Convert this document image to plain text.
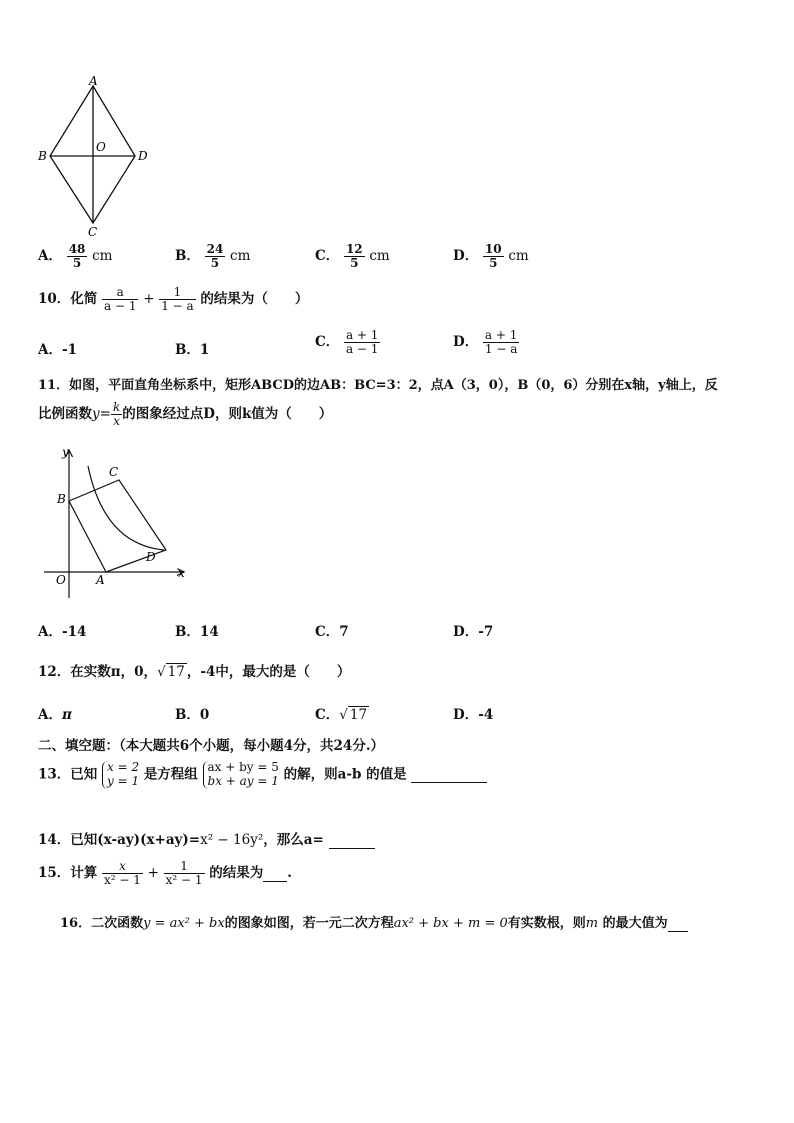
A
B
O
D
C
A． $\frac{48}{5}$ cm	B． $\frac{24}{5}$ cm	C． $\frac{12}{5}$ cm	D． $\frac{10}{5}$ cm
10．化简 $\frac{a}{a - 1} + \frac{1}{1 - a}$ 的结果为（　　）
A．-1	B．1	C． $\frac{a + 1}{a - 1}$	D． $\frac{a + 1}{1 - a}$
11．如图，平面直角坐标系中，矩形ABCD的边AB：BC=3：2，点A（3，0），B（0，6）分别在x轴，y轴上，反
比例函数$y= \frac{k}{x}$ 的图象经过点D，则k值为（　　）
y
x
O	A
B
C
D
A．-14	B．14	C．7	D．-7
12．在实数π，0，√ 17 ，-4中，最大的是（　　）
A．π	B．0	C．√ 17	D．-4
二、填空题：（本大题共6个小题，每小题4分，共24分.）
13．已知 x = 2
y = 1 是方程组 ax + by = 5
bx + ay = 1 的解，则a-b 的值是
14．已知(x-ay)(x+ay)=x² − 16y²，那么a=
15．计算 $\frac{x}{\text{x² − 1}} + \frac{1}{\text{x² − 1}}$ 的结果为 .
16．二次函数y = ax² + bx的图象如图，若一元二次方程ax² + bx + m = 0有实数根，则m 的最大值为
